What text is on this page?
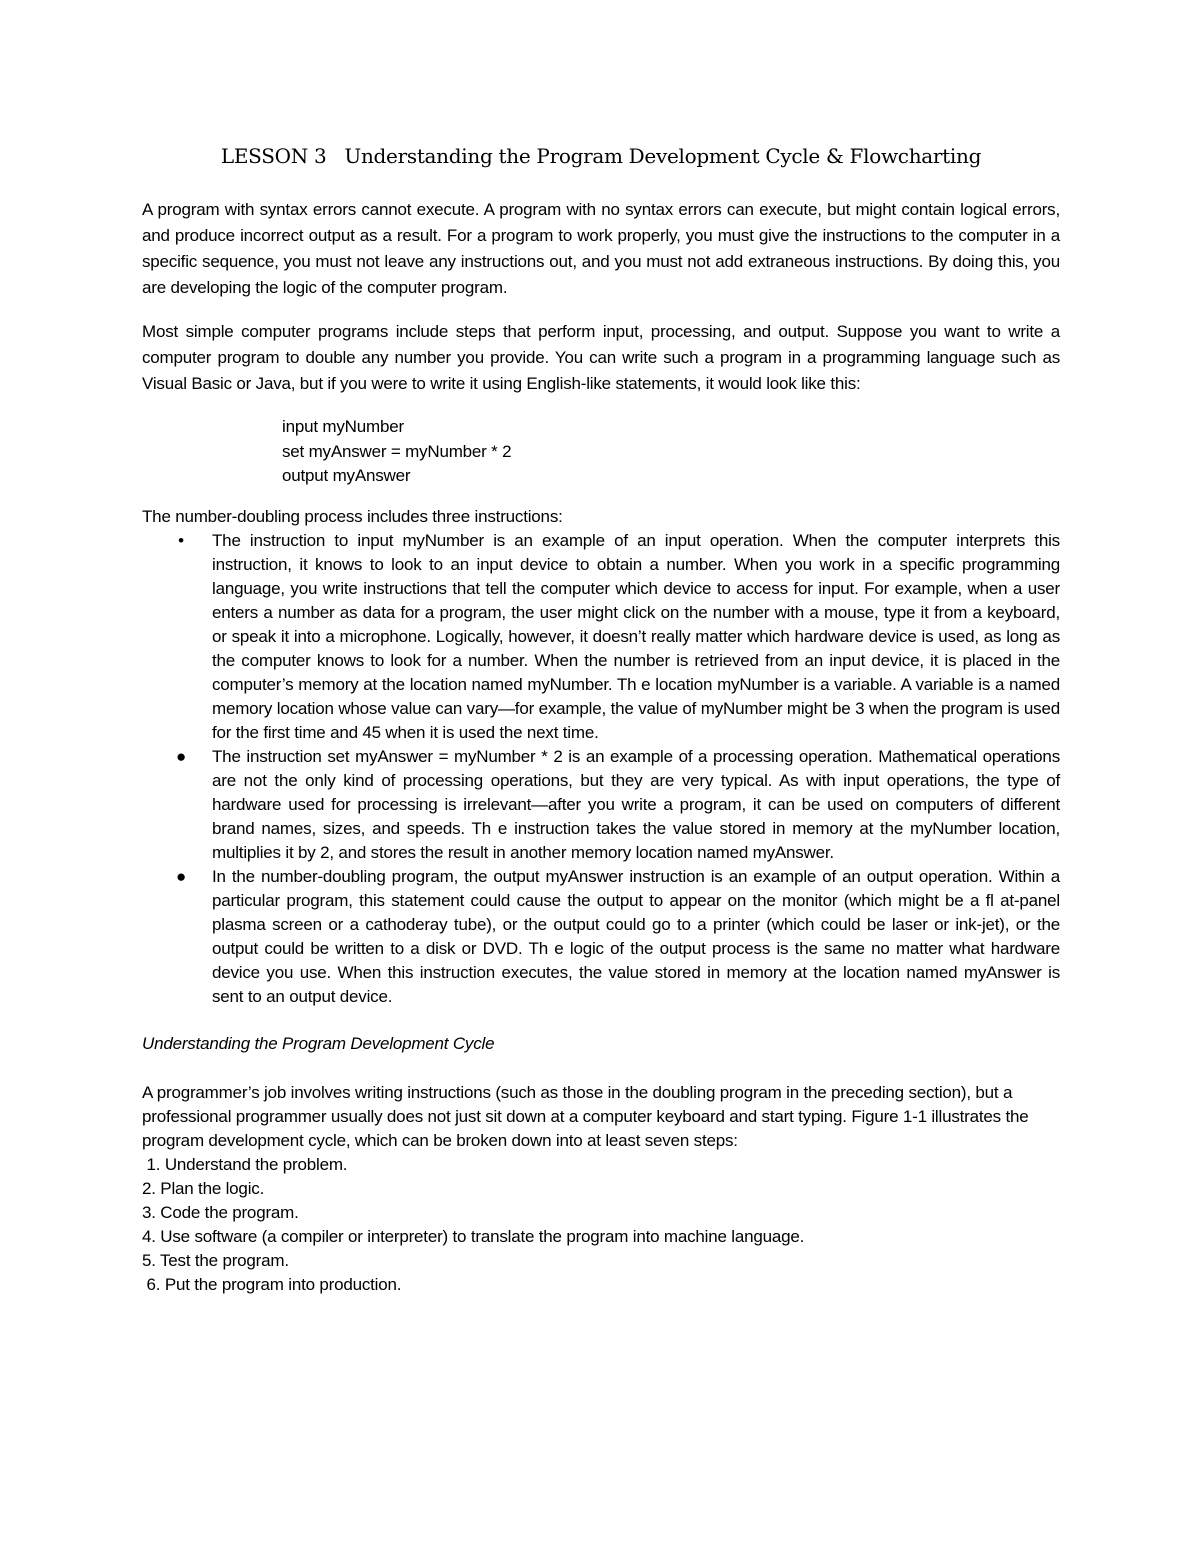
LESSON 3 Understanding the Program Development Cycle & Flowcharting

A program with syntax errors cannot execute. A program with no syntax errors can execute, but might contain logical errors, and produce incorrect output as a result. For a program to work properly, you must give the instructions to the computer in a specific sequence, you must not leave any instructions out, and you must not add extraneous instructions. By doing this, you are developing the logic of the computer program.

Most simple computer programs include steps that perform input, processing, and output. Suppose you want to write a computer program to double any number you provide. You can write such a program in a programming language such as Visual Basic or Java, but if you were to write it using English-like statements, it would look like this:

input myNumber
set myAnswer = myNumber * 2
output myAnswer

The number-doubling process includes three instructions:

• The instruction to input myNumber is an example of an input operation. When the computer interprets this instruction, it knows to look to an input device to obtain a number. When you work in a specific programming language, you write instructions that tell the computer which device to access for input. For example, when a user enters a number as data for a program, the user might click on the number with a mouse, type it from a keyboard, or speak it into a microphone. Logically, however, it doesn’t really matter which hardware device is used, as long as the computer knows to look for a number. When the number is retrieved from an input device, it is placed in the computer’s memory at the location named myNumber. Th e location myNumber is a variable. A variable is a named memory location whose value can vary—for example, the value of myNumber might be 3 when the program is used for the first time and 45 when it is used the next time.
● The instruction set myAnswer = myNumber * 2 is an example of a processing operation. Mathematical operations are not the only kind of processing operations, but they are very typical. As with input operations, the type of hardware used for processing is irrelevant—after you write a program, it can be used on computers of different brand names, sizes, and speeds. Th e instruction takes the value stored in memory at the myNumber location, multiplies it by 2, and stores the result in another memory location named myAnswer.
● In the number-doubling program, the output myAnswer instruction is an example of an output operation. Within a particular program, this statement could cause the output to appear on the monitor (which might be a fl at-panel plasma screen or a cathoderay tube), or the output could go to a printer (which could be laser or ink-jet), or the output could be written to a disk or DVD. Th e logic of the output process is the same no matter what hardware device you use. When this instruction executes, the value stored in memory at the location named myAnswer is sent to an output device.

Understanding the Program Development Cycle

A programmer’s job involves writing instructions (such as those in the doubling program in the preceding section), but a professional programmer usually does not just sit down at a computer keyboard and start typing. Figure 1-1 illustrates the program development cycle, which can be broken down into at least seven steps:

1. Understand the problem.
2. Plan the logic.
3. Code the program.
4. Use software (a compiler or interpreter) to translate the program into machine language.
5. Test the program.
6. Put the program into production.
